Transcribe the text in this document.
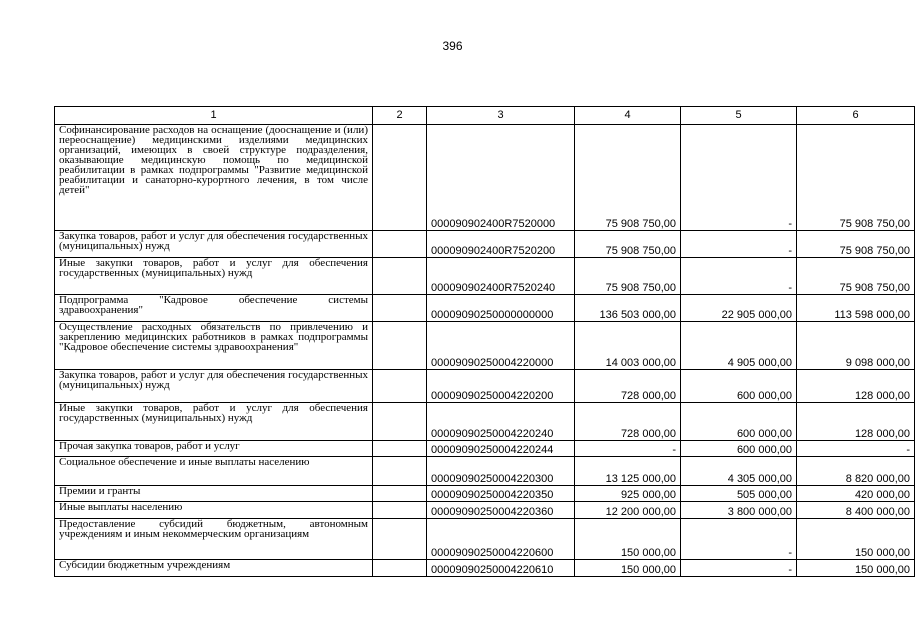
396
1	2	3	4	5	6
Софинансирование расходов на оснащение (дооснащение и (или) переоснащение) медицинскими изделиями медицинских организаций, имеющих в своей структуре подразделения, оказывающие медицинскую помощь по медицинской реабилитации в рамках подпрограммы "Развитие медицинской реабилитации и санаторно-курортного лечения, в том числе детей"		000090902400R7520000	75 908 750,00	-	75 908 750,00
Закупка товаров, работ и услуг для обеспечения государственных (муниципальных) нужд		000090902400R7520200	75 908 750,00	-	75 908 750,00
Иные закупки товаров, работ и услуг для обеспечения государственных (муниципальных) нужд		000090902400R7520240	75 908 750,00	-	75 908 750,00
Подпрограмма "Кадровое обеспечение системы здравоохранения"		00009090250000000000	136 503 000,00	22 905 000,00	113 598 000,00
Осуществление расходных обязательств по привлечению и закреплению медицинских работников в рамках подпрограммы "Кадровое обеспечение системы здравоохранения"		00009090250004220000	14 003 000,00	4 905 000,00	9 098 000,00
Закупка товаров, работ и услуг для обеспечения государственных (муниципальных) нужд		00009090250004220200	728 000,00	600 000,00	128 000,00
Иные закупки товаров, работ и услуг для обеспечения государственных (муниципальных) нужд		00009090250004220240	728 000,00	600 000,00	128 000,00
Прочая закупка товаров, работ и услуг		00009090250004220244	-	600 000,00	-
Социальное обеспечение и иные выплаты населению		00009090250004220300	13 125 000,00	4 305 000,00	8 820 000,00
Премии и гранты		00009090250004220350	925 000,00	505 000,00	420 000,00
Иные выплаты населению		00009090250004220360	12 200 000,00	3 800 000,00	8 400 000,00
Предоставление субсидий бюджетным, автономным учреждениям и иным некоммерческим организациям		00009090250004220600	150 000,00	-	150 000,00
Субсидии бюджетным учреждениям		00009090250004220610	150 000,00	-	150 000,00
